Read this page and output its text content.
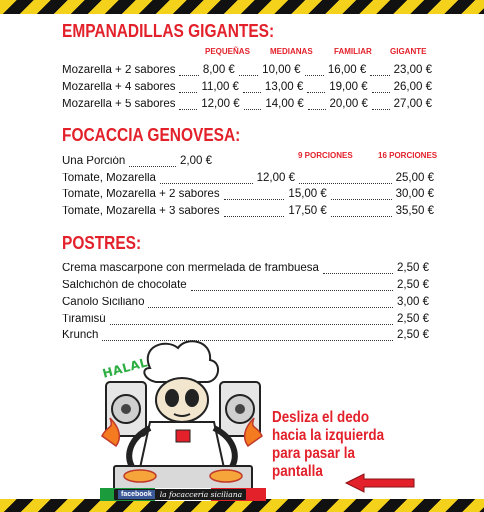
EMPANADILLAS GIGANTES:
PEQUEÑAS	MEDIANAS	FAMILIAR GIGANTE
Mozarella + 2 sabores 8,00 € 10,00 € 16,00 € 23,00 €
Mozarella + 4 sabores 11,00 € 13,00 € 19,00 € 26,00 €
Mozarella + 5 sabores 12,00 € 14,00 € 20,00 € 27,00 €
FOCACCIA GENOVESA:
9 PORCIONES	16 PORCIONES
Una Porción	2,00 €
Tomate, Mozarella	12,00 €	25,00 €
Tomate, Mozarella + 2 sabores	15,00 €	30,00 €
Tomate, Mozarella + 3 sabores	17,50 €	35,50 €
POSTRES:
Crema mascarpone con mermelada de frambuesa	2,50 €
Salchichón de chocolate	2,50 €
Canolo Siciliano	3,00 €
Tiramisú	2,50 €
Krunch	2,50 €
HALAL
facebook	la focacceria siciliana
Desliza el dedo hacia la izquierda para pasar la pantalla
